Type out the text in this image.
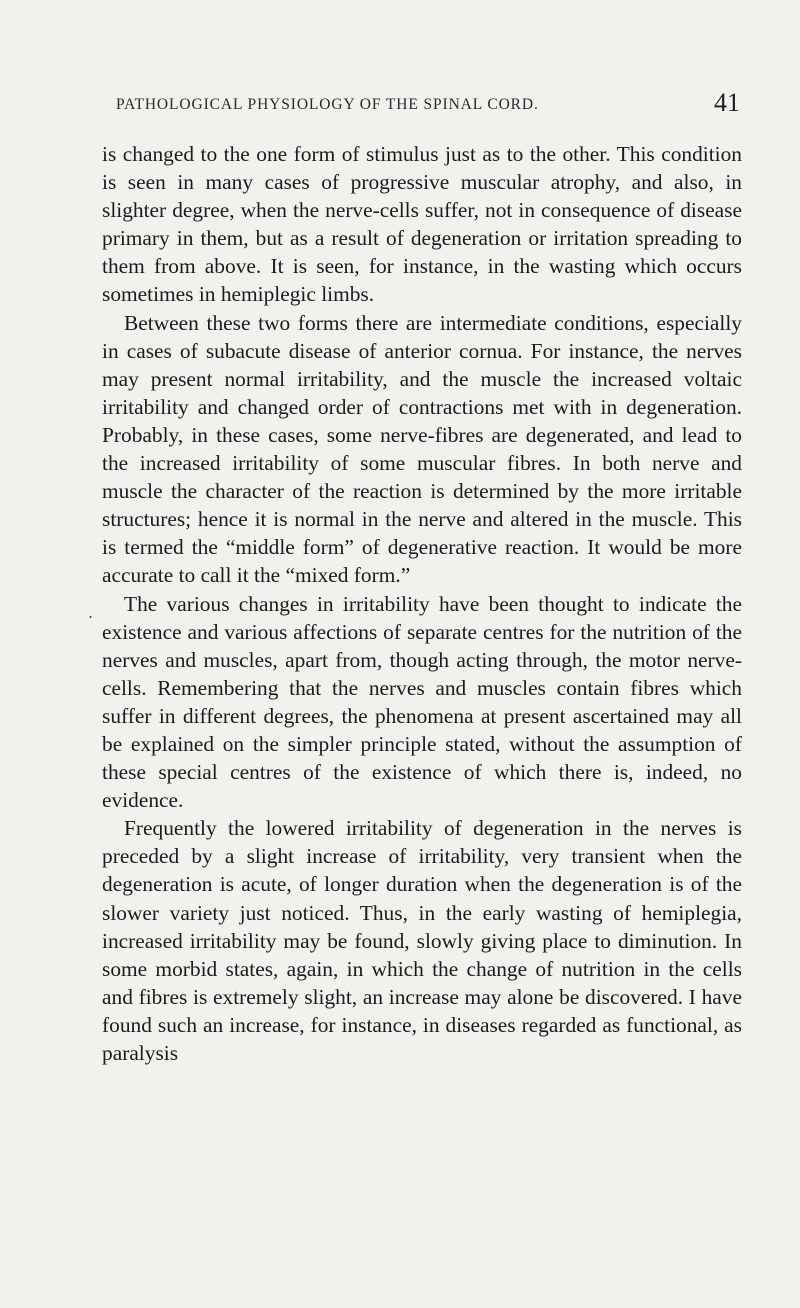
PATHOLOGICAL PHYSIOLOGY OF THE SPINAL CORD.	41
.

is changed to the one form of stimulus just as to the other. This condition is seen in many cases of progressive muscular atrophy, and also, in slighter degree, when the nerve-cells suffer, not in consequence of disease primary in them, but as a result of degeneration or irritation spreading to them from above. It is seen, for instance, in the wasting which occurs sometimes in hemiplegic limbs.

Between these two forms there are intermediate conditions, especially in cases of subacute disease of anterior cornua. For instance, the nerves may present normal irritability, and the muscle the increased voltaic irritability and changed order of contractions met with in degeneration. Probably, in these cases, some nerve-fibres are degenerated, and lead to the increased irritability of some muscular fibres. In both nerve and muscle the character of the reaction is determined by the more irritable structures; hence it is normal in the nerve and altered in the muscle. This is termed the “middle form” of degenerative reaction. It would be more accurate to call it the “mixed form.”

The various changes in irritability have been thought to indicate the existence and various affections of separate centres for the nutrition of the nerves and muscles, apart from, though acting through, the motor nerve-cells. Remembering that the nerves and muscles contain fibres which suffer in different degrees, the phenomena at present ascertained may all be explained on the simpler principle stated, without the assumption of these special centres of the existence of which there is, indeed, no evidence.

Frequently the lowered irritability of degeneration in the nerves is preceded by a slight increase of irritability, very transient when the degeneration is acute, of longer duration when the degeneration is of the slower variety just noticed. Thus, in the early wasting of hemiplegia, increased irritability may be found, slowly giving place to diminution. In some morbid states, again, in which the change of nutrition in the cells and fibres is extremely slight, an increase may alone be discovered. I have found such an increase, for instance, in diseases regarded as functional, as paralysis
